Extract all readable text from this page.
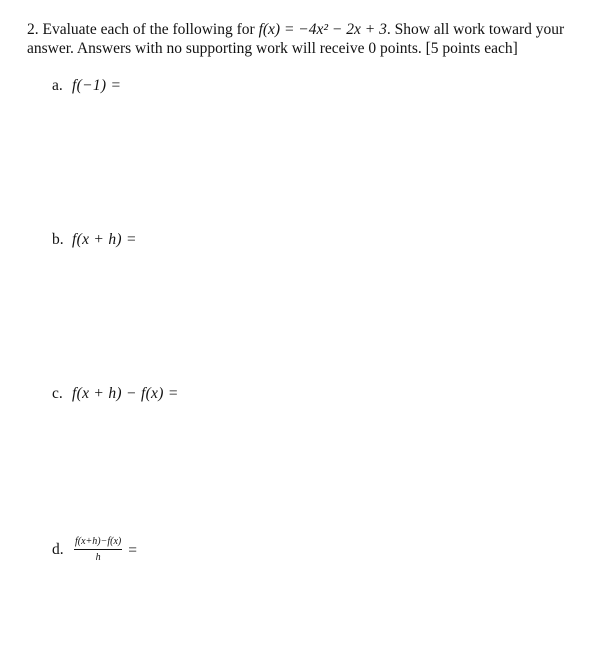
2. Evaluate each of the following for f(x) = −4x² − 2x + 3. Show all work toward your answer. Answers with no supporting work will receive 0 points. [5 points each]
a. f(−1) =
b. f(x + h) =
c. f(x + h) − f(x) =
d.	$\frac{f(x+h)-f(x)}{h}$ =
